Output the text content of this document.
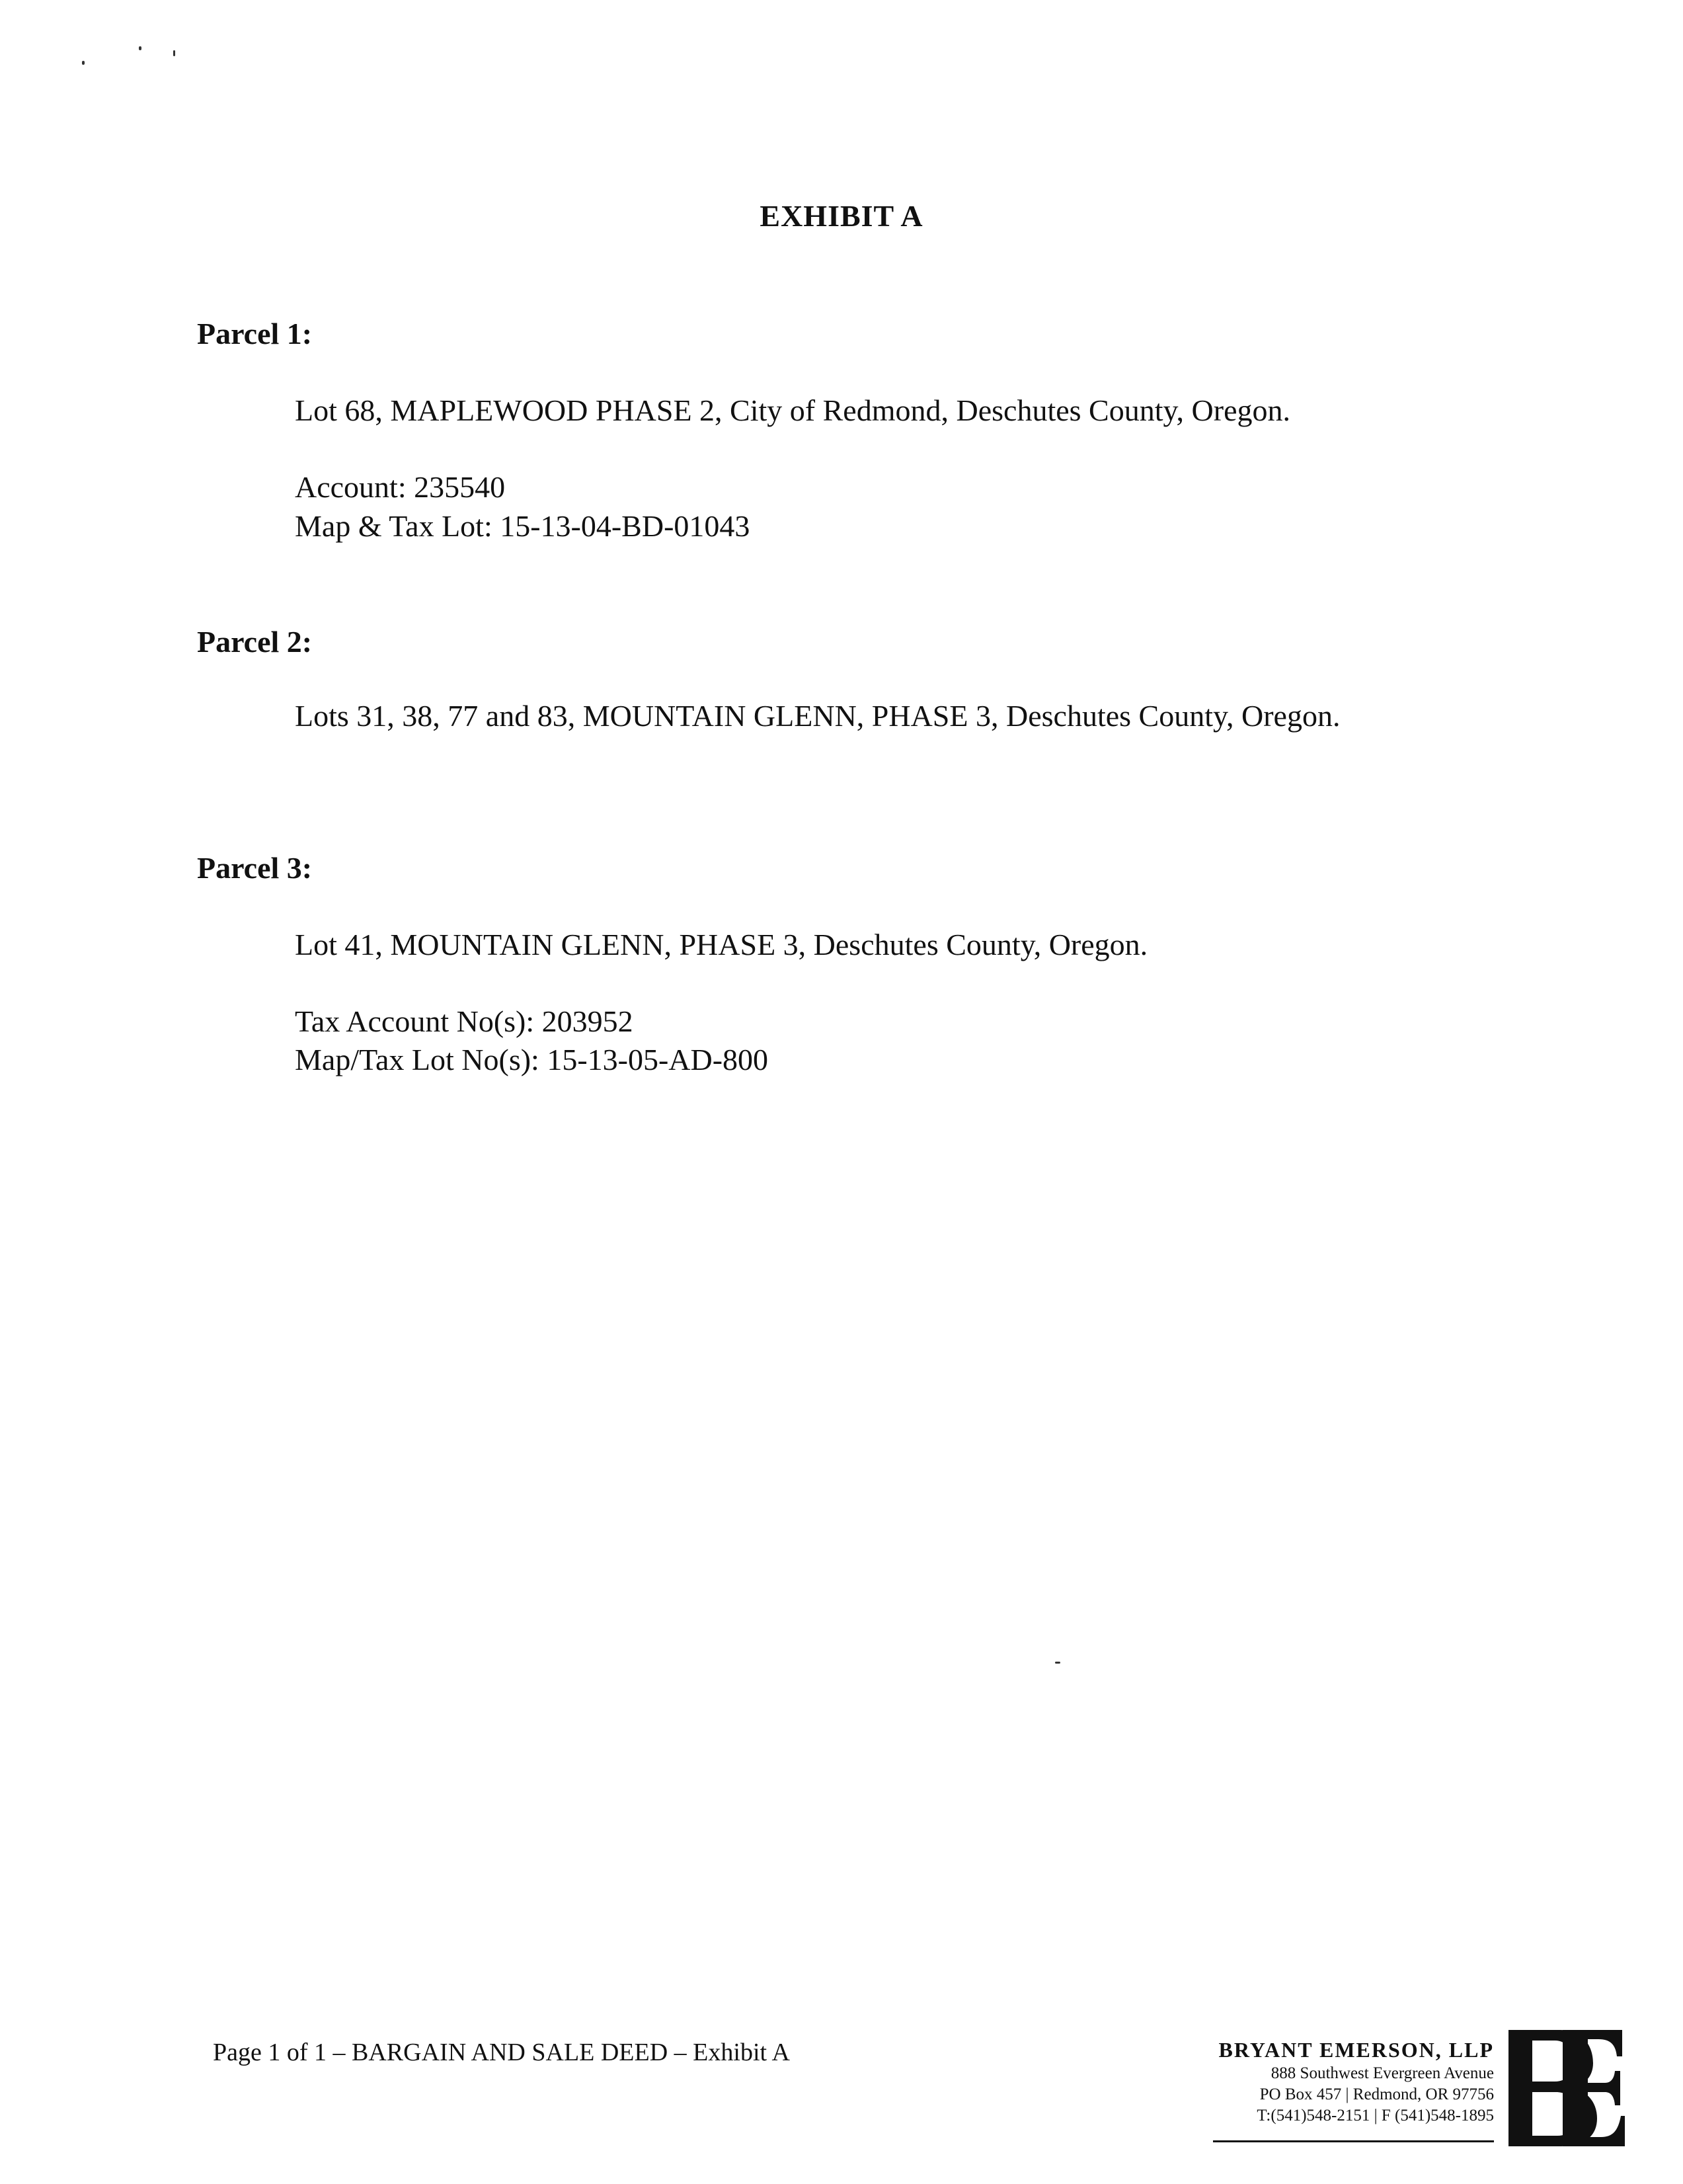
EXHIBIT A
Parcel 1:
Lot 68, MAPLEWOOD PHASE 2, City of Redmond, Deschutes County, Oregon.
Account: 235540
Map & Tax Lot: 15-13-04-BD-01043
Parcel 2:
Lots 31, 38, 77 and 83, MOUNTAIN GLENN, PHASE 3, Deschutes County, Oregon.
Parcel 3:
Lot 41, MOUNTAIN GLENN, PHASE 3, Deschutes County, Oregon.
Tax Account No(s): 203952
Map/Tax Lot No(s): 15-13-05-AD-800
Page 1 of 1 – BARGAIN AND SALE DEED – Exhibit A	BRYANT EMERSON, LLP
888 Southwest Evergreen Avenue
PO Box 457 | Redmond, OR 97756
T:(541)548-2151 | F (541)548-1895
